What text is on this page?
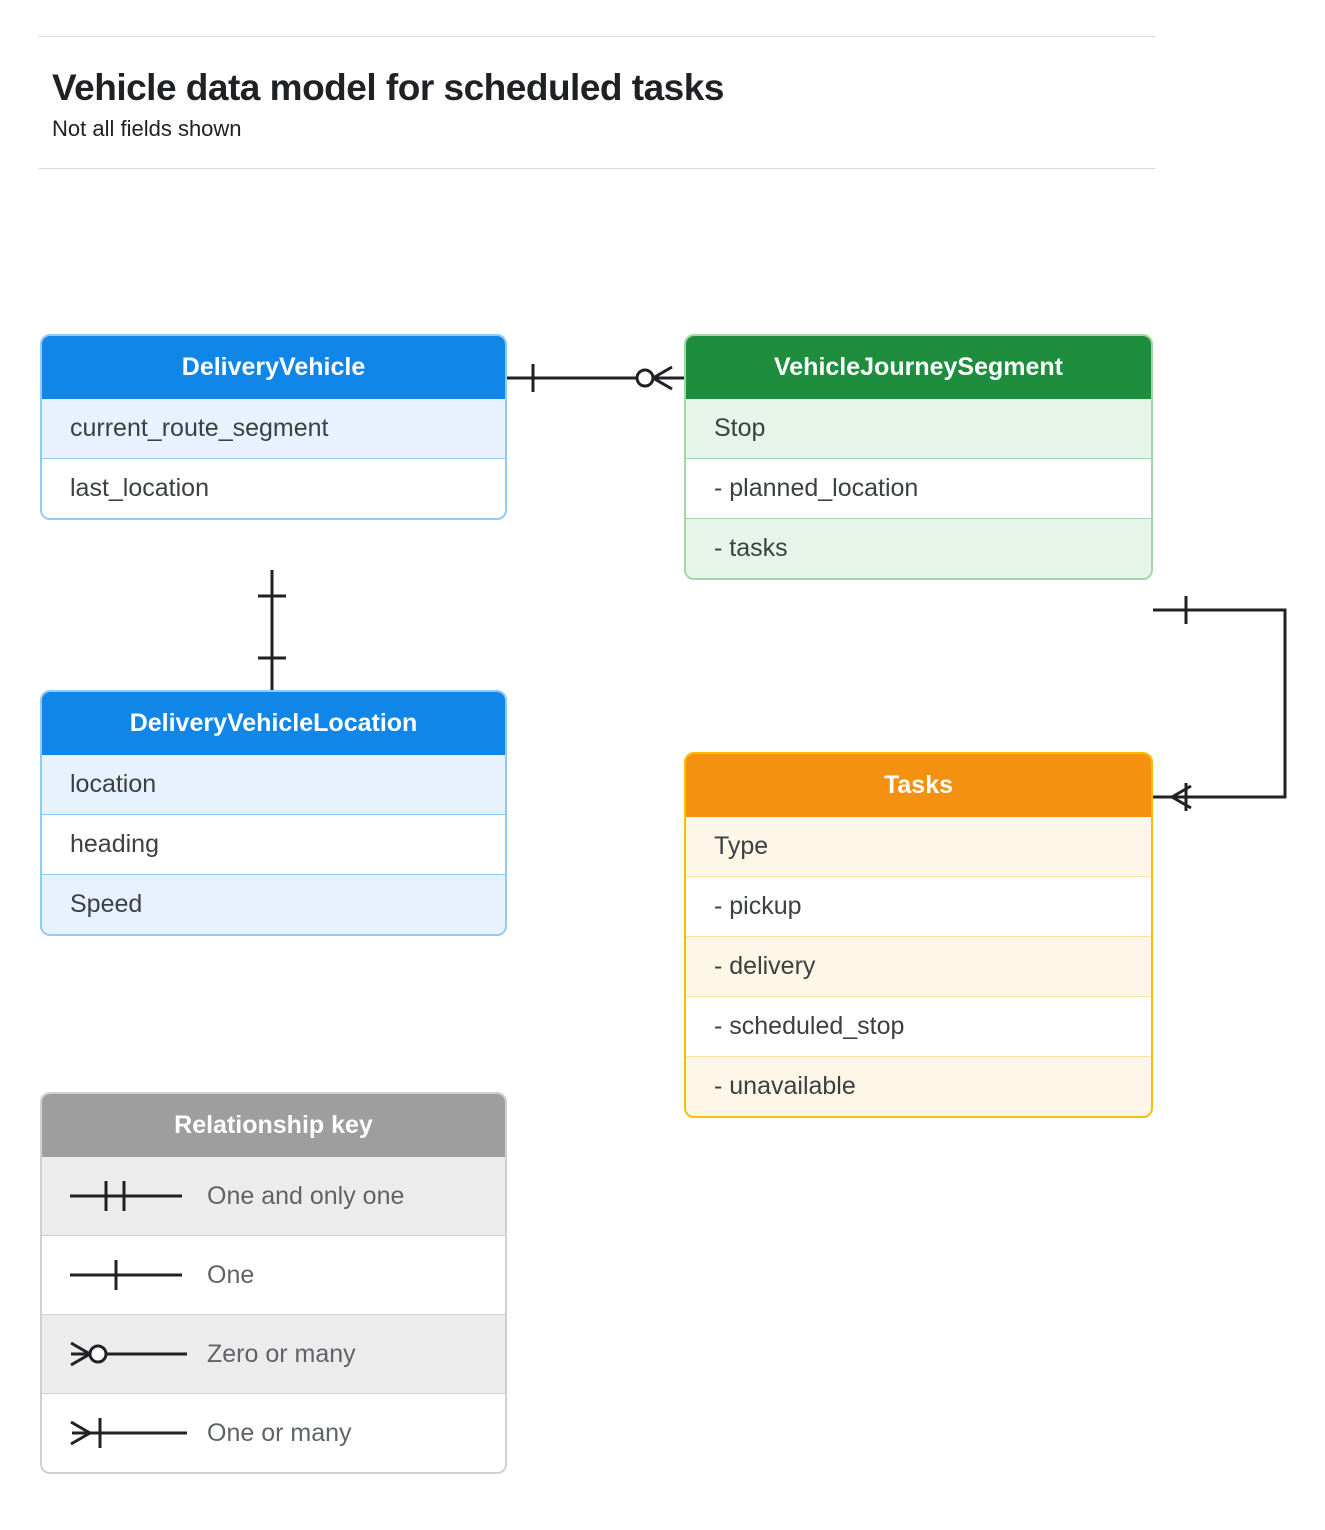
Vehicle data model for scheduled tasks
Not all fields shown
DeliveryVehicle
current_route_segment
last_location
VehicleJourneySegment
Stop
- planned_location
- tasks
DeliveryVehicleLocation
location
heading
Speed
Tasks
Type
- pickup
- delivery
- scheduled_stop
- unavailable
Relationship key
One and only one
One
Zero or many
One or many
